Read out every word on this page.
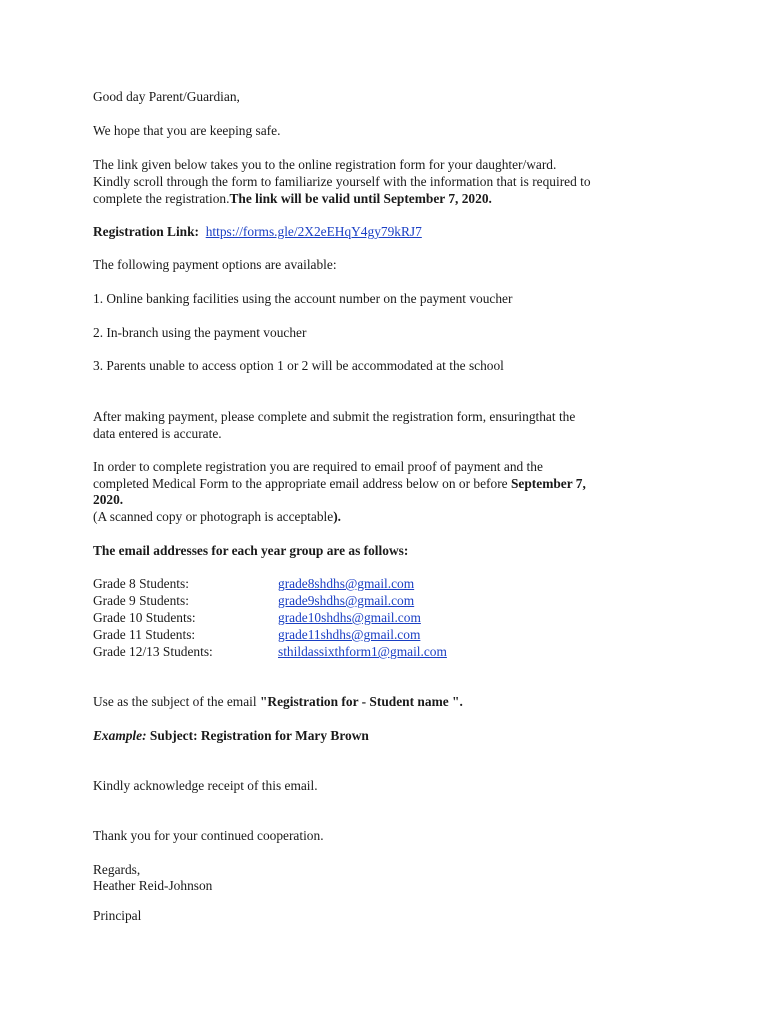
Good day Parent/Guardian,
We hope that you are keeping safe.
The link given below takes you to the online registration form for your daughter/ward.
Kindly scroll through the form to familiarize yourself with the information that is required to
complete the registration.The link will be valid until September 7, 2020.
Registration Link: https://forms.gle/2X2eEHqY4gy79kRJ7
The following payment options are available:
1. Online banking facilities using the account number on the payment voucher
2. In-branch using the payment voucher
3. Parents unable to access option 1 or 2 will be accommodated at the school
After making payment, please complete and submit the registration form, ensuringthat the
data entered is accurate.
In order to complete registration you are required to email proof of payment and the
completed Medical Form to the appropriate email address below on or before September 7,
2020.
(A scanned copy or photograph is acceptable).
The email addresses for each year group are as follows:
Grade 8 Students:	grade8shdhs@gmail.com
Grade 9 Students:	grade9shdhs@gmail.com
Grade 10 Students:	grade10shdhs@gmail.com
Grade 11 Students:	grade11shdhs@gmail.com
Grade 12/13 Students:	sthildassixthform1@gmail.com
Use as the subject of the email "Registration for - Student name ".
Example: Subject: Registration for Mary Brown
Kindly acknowledge receipt of this email.
Thank you for your continued cooperation.
Regards,
Heather Reid-Johnson
Principal
